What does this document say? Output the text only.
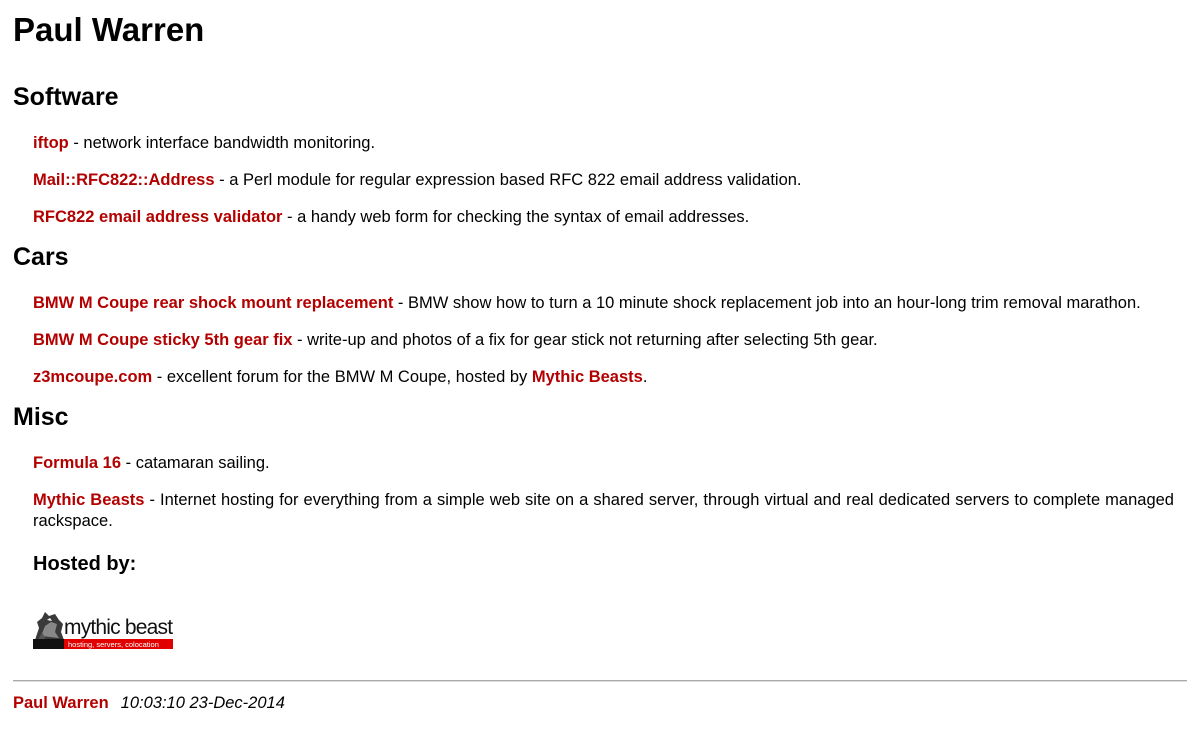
Paul Warren
Software

iftop - network interface bandwidth monitoring.

Mail::RFC822::Address - a Perl module for regular expression based RFC 822 email address validation.

RFC822 email address validator - a handy web form for checking the syntax of email addresses.

Cars

BMW M Coupe rear shock mount replacement - BMW show how to turn a 10 minute shock replacement job into an hour-long trim removal marathon.

BMW M Coupe sticky 5th gear fix - write-up and photos of a fix for gear stick not returning after selecting 5th gear.

z3mcoupe.com - excellent forum for the BMW M Coupe, hosted by Mythic Beasts.

Misc

Formula 16 - catamaran sailing.

Mythic Beasts - Internet hosting for everything from a simple web site on a shared server, through virtual and real dedicated servers to complete managed rackspace.

Hosted by:
mythic beasts
hosting, servers, colocation
Paul Warren 10:03:10 23-Dec-2014
